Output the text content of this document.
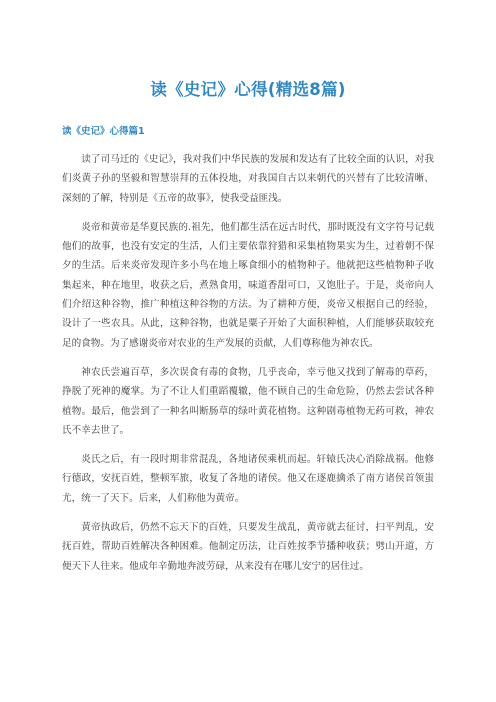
读《史记》心得(精选8篇)
读《史记》心得篇1

读了司马迁的《史记》，我对我们中华民族的发展和发达有了比较全面的认识，对我们炎黄子孙的坚毅和智慧崇拜的五体投地，对我国自古以来朝代的兴替有了比较清晰、深刻的了解，特别是《五帝的故事》，使我受益匪浅。

炎帝和黄帝是华夏民族的.祖先，他们都生活在远古时代，那时既没有文字符号记载他们的故事，也没有安定的生活，人们主要依靠狩猎和采集植物果实为生，过着朝不保夕的生活。后来炎帝发现许多小鸟在地上啄食细小的植物种子。他就把这些植物种子收集起来，种在地里，收获之后，煮熟食用，味道香甜可口，又饱肚子。于是，炎帝向人们介绍这种谷物，推广种植这种谷物的方法。为了耕种方便，炎帝又根据自己的经验，设计了一些农具。从此，这种谷物，也就是粟子开始了大面积种植，人们能够获取较充足的食物。为了感谢炎帝对农业的生产发展的贡献，人们尊称他为神农氏。

神农氏尝遍百草，多次误食有毒的食物，几乎丧命，幸亏他又找到了解毒的草药，挣脱了死神的魔掌。为了不让人们重蹈覆辙，他不顾自己的生命危险，仍然去尝试各种植物。最后，他尝到了一种名叫断肠草的绿叶黄花植物。这种剧毒植物无药可救，神农氏不幸去世了。

炎氏之后，有一段时期非常混乱，各地诸侯乘机而起。轩辕氏决心消除战祸。他修行德政，安抚百姓，整顿军旅，收复了各地的诸侯。他又在逐鹿擒杀了南方诸侯首领蚩尤，统一了天下。后来，人们称他为黄帝。

黄帝执政后，仍然不忘天下的百姓，只要发生战乱，黄帝就去征讨，扫平判乱，安抚百姓，帮助百姓解决各种困难。他制定历法，让百姓按季节播种收获；劈山开道，方便天下人往来。他成年辛勤地奔波劳碌，从来没有在哪儿安宁的居住过。
